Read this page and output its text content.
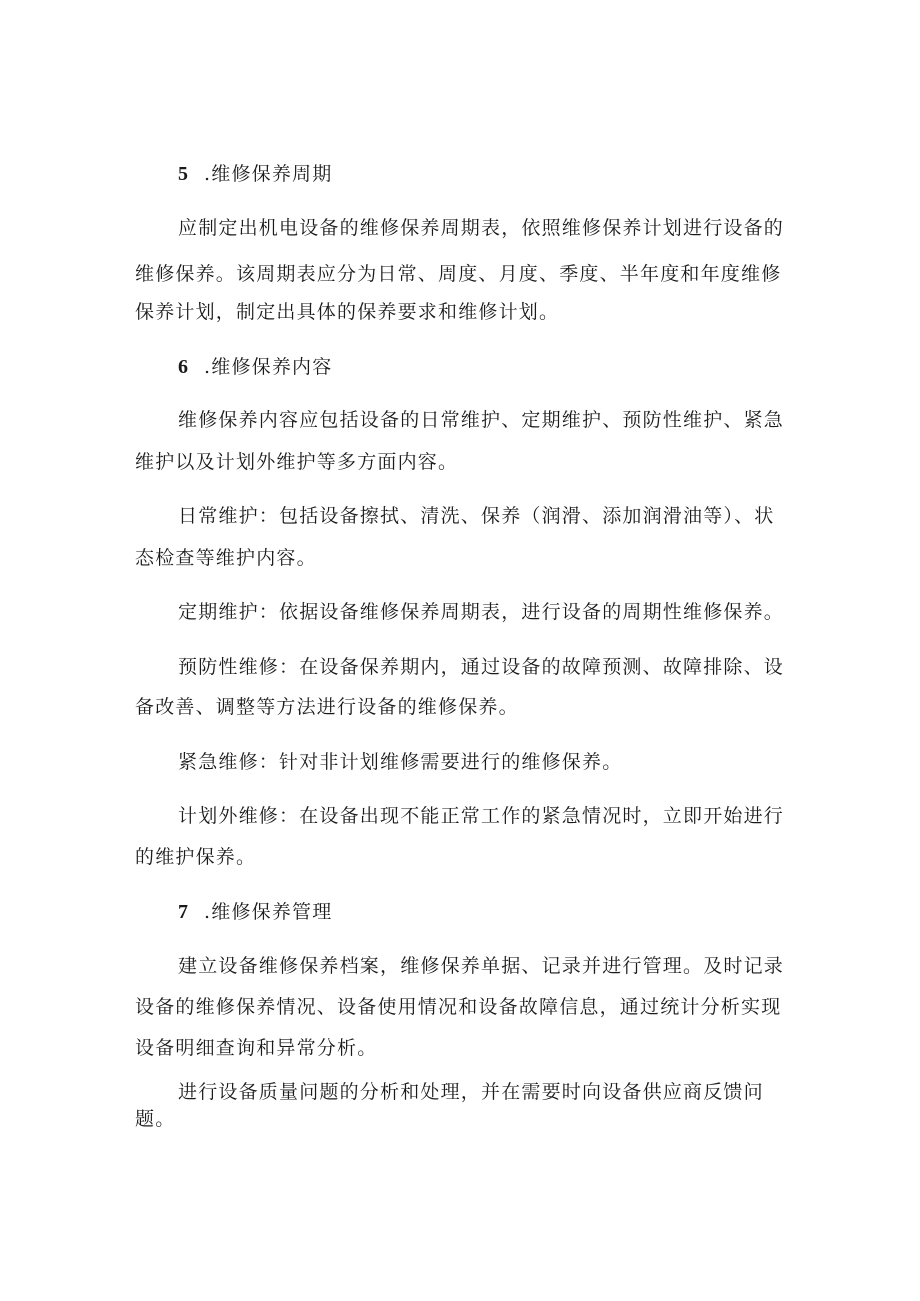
5 .维修保养周期
应制定出机电设备的维修保养周期表，依照维修保养计划进行设备的
维修保养。该周期表应分为日常、周度、月度、季度、半年度和年度维修
保养计划，制定出具体的保养要求和维修计划。
6 .维修保养内容
维修保养内容应包括设备的日常维护、定期维护、预防性维护、紧急
维护以及计划外维护等多方面内容。
日常维护：包括设备擦拭、清洗、保养（润滑、添加润滑油等）、状
态检查等维护内容。
定期维护：依据设备维修保养周期表，进行设备的周期性维修保养。
预防性维修：在设备保养期内，通过设备的故障预测、故障排除、设
备改善、调整等方法进行设备的维修保养。
紧急维修：针对非计划维修需要进行的维修保养。
计划外维修：在设备出现不能正常工作的紧急情况时，立即开始进行
的维护保养。
7 .维修保养管理
建立设备维修保养档案，维修保养单据、记录并进行管理。及时记录
设备的维修保养情况、设备使用情况和设备故障信息，通过统计分析实现
设备明细查询和异常分析。
进行设备质量问题的分析和处理，并在需要时向设备供应商反馈问
题。
